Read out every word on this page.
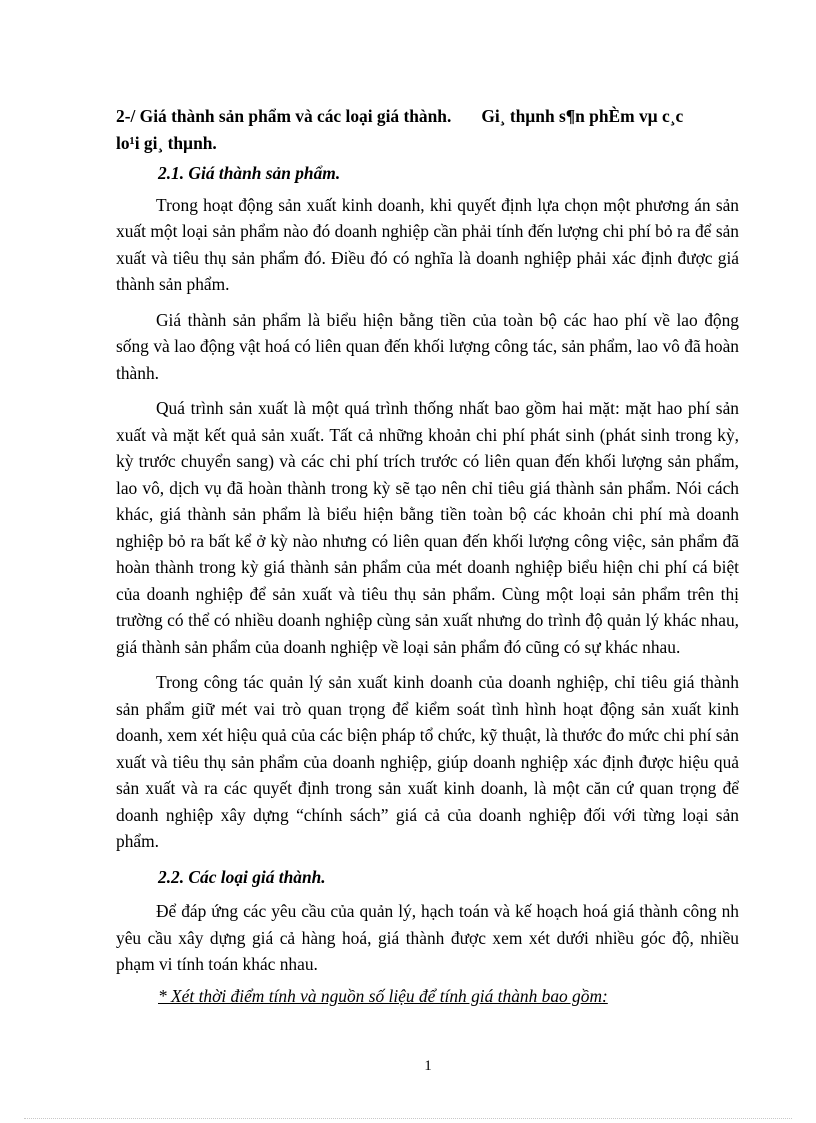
2-/ Giá thành sản phẩm và các loại giá thành. Gi¸ thµnh s¶n phÈm vµ c¸c

lo¹i gi¸ thµnh.

2.1. Giá thành sản phẩm.

Trong hoạt động sản xuất kinh doanh, khi quyết định lựa chọn một phương án sản xuất một loại sản phẩm nào đó doanh nghiệp cần phải tính đến lượng chi phí bỏ ra để sản xuất và tiêu thụ sản phẩm đó. Điều đó có nghĩa là doanh nghiệp phải xác định được giá thành sản phẩm.

Giá thành sản phẩm là biểu hiện bằng tiền của toàn bộ các hao phí về lao động sống và lao động vật hoá có liên quan đến khối lượng công tác, sản phẩm, lao vô đã hoàn thành.

Quá trình sản xuất là một quá trình thống nhất bao gồm hai mặt: mặt hao phí sản xuất và mặt kết quả sản xuất. Tất cả những khoản chi phí phát sinh (phát sinh trong kỳ, kỳ trước chuyển sang) và các chi phí trích trước có liên quan đến khối lượng sản phẩm, lao vô, dịch vụ đã hoàn thành trong kỳ sẽ tạo nên chỉ tiêu giá thành sản phẩm. Nói cách khác, giá thành sản phẩm là biểu hiện bằng tiền toàn bộ các khoản chi phí mà doanh nghiệp bỏ ra bất kể ở kỳ nào nhưng có liên quan đến khối lượng công việc, sản phẩm đã hoàn thành trong kỳ giá thành sản phẩm của mét doanh nghiệp biểu hiện chi phí cá biệt của doanh nghiệp để sản xuất và tiêu thụ sản phẩm. Cùng một loại sản phẩm trên thị trường có thể có nhiều doanh nghiệp cùng sản xuất nhưng do trình độ quản lý khác nhau, giá thành sản phẩm của doanh nghiệp về loại sản phẩm đó cũng có sự khác nhau.

Trong công tác quản lý sản xuất kinh doanh của doanh nghiệp, chỉ tiêu giá thành sản phẩm giữ mét vai trò quan trọng để kiểm soát tình hình hoạt động sản xuất kinh doanh, xem xét hiệu quả của các biện pháp tổ chức, kỹ thuật, là thước đo mức chi phí sản xuất và tiêu thụ sản phẩm của doanh nghiệp, giúp doanh nghiệp xác định được hiệu quả sản xuất và ra các quyết định trong sản xuất kinh doanh, là một căn cứ quan trọng để doanh nghiệp xây dựng “chính sách” giá cả của doanh nghiệp đối với từng loại sản phẩm.

2.2. Các loại giá thành.

Để đáp ứng các yêu cầu của quản lý, hạch toán và kế hoạch hoá giá thành công nh yêu cầu xây dựng giá cả hàng hoá, giá thành được xem xét dưới nhiều góc độ, nhiều phạm vi tính toán khác nhau.

* Xét thời điểm tính và nguồn số liệu để tính giá thành bao gồm:

1
